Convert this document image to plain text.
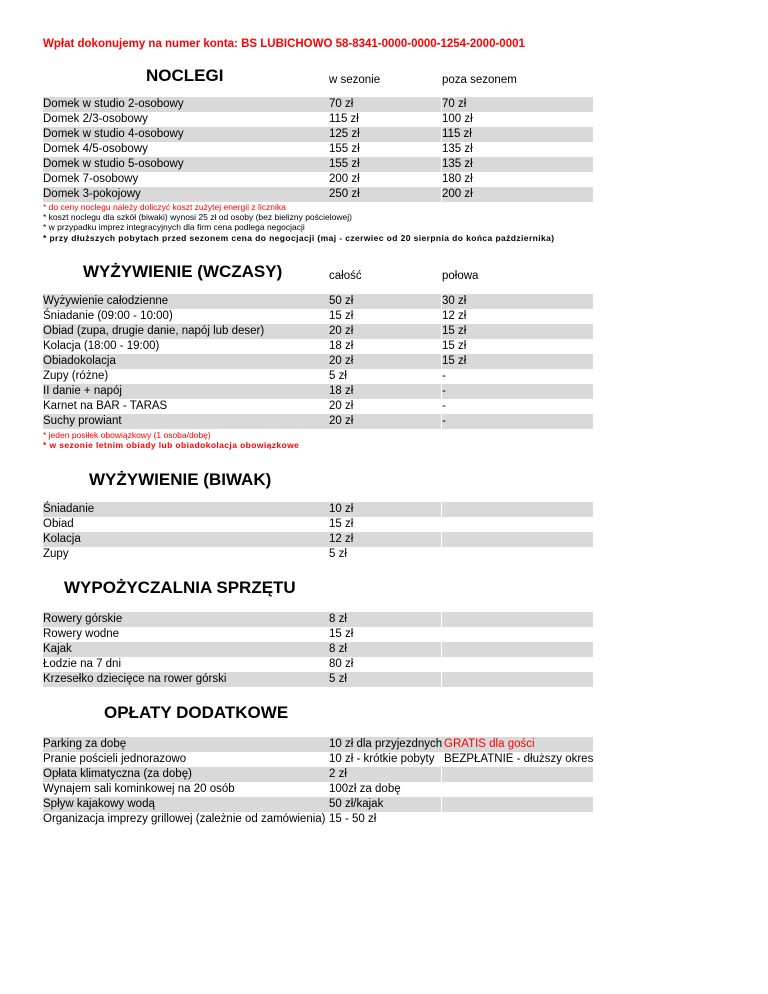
Wpłat dokonujemy na numer konta: BS LUBICHOWO 58-8341-0000-0000-1254-2000-0001
NOCLEGI	w sezonie	poza sezonem
Domek w studio 2-osobowy	70 zł	70 zł
Domek 2/3-osobowy	115 zł	100 zł
Domek w studio 4-osobowy	125 zł	115 zł
Domek 4/5-osobowy	155 zł	135 zł
Domek w studio 5-osobowy	155 zł	135 zł
Domek 7-osobowy	200 zł	180 zł
Domek 3-pokojowy	250 zł	200 zł
* do ceny noclegu należy doliczyć koszt zużytej energii z licznika
* koszt noclegu dla szkół (biwaki) wynosi 25 zł od osoby (bez bielizny pościelowej)
* w przypadku imprez integracyjnych dla firm cena podlega negocjacji
* przy dłuższych pobytach przed sezonem cena do negocjacji (maj - czerwiec od 20 sierpnia do końca października)
WYŻYWIENIE (WCZASY)	całość	połowa
Wyżywienie całodzienne	50 zł	30 zł
Śniadanie (09:00 - 10:00)	15 zł	12 zł
Obiad (zupa, drugie danie, napój lub deser)	20 zł	15 zł
Kolacja (18:00 - 19:00)	18 zł	15 zł
Obiadokolacja	20 zł	15 zł
Zupy (różne)	5 zł	-
II danie + napój	18 zł	-
Karnet na BAR - TARAS	20 zł	-
Suchy prowiant	20 zł	-
* jeden posiłek obowiązkowy (1 osoba/dobę)
* w sezonie letnim obiady lub obiadokolacja obowiązkowe
WYŻYWIENIE (BIWAK)
Śniadanie	10 zł
Obiad	15 zł
Kolacja	12 zł
Zupy	5 zł
WYPOŻYCZALNIA SPRZĘTU
Rowery górskie	8 zł
Rowery wodne	15 zł
Kajak	8 zł
Łodzie na 7 dni	80 zł
Krzesełko dziecięce na rower górski	5 zł
OPŁATY DODATKOWE
Parking za dobę	10 zł dla przyjezdnych GRATIS dla gości
Pranie pościeli jednorazowo	10 zł - krótkie pobyty BEZPŁATNIE - dłuższy okres
Opłata klimatyczna (za dobę)	2 zł
Wynajem sali kominkowej na 20 osób	100zł za dobę
Spływ kajakowy wodą	50 zł/kajak
Organizacja imprezy grillowej (zależnie od zamówienia) 15 - 50 zł
